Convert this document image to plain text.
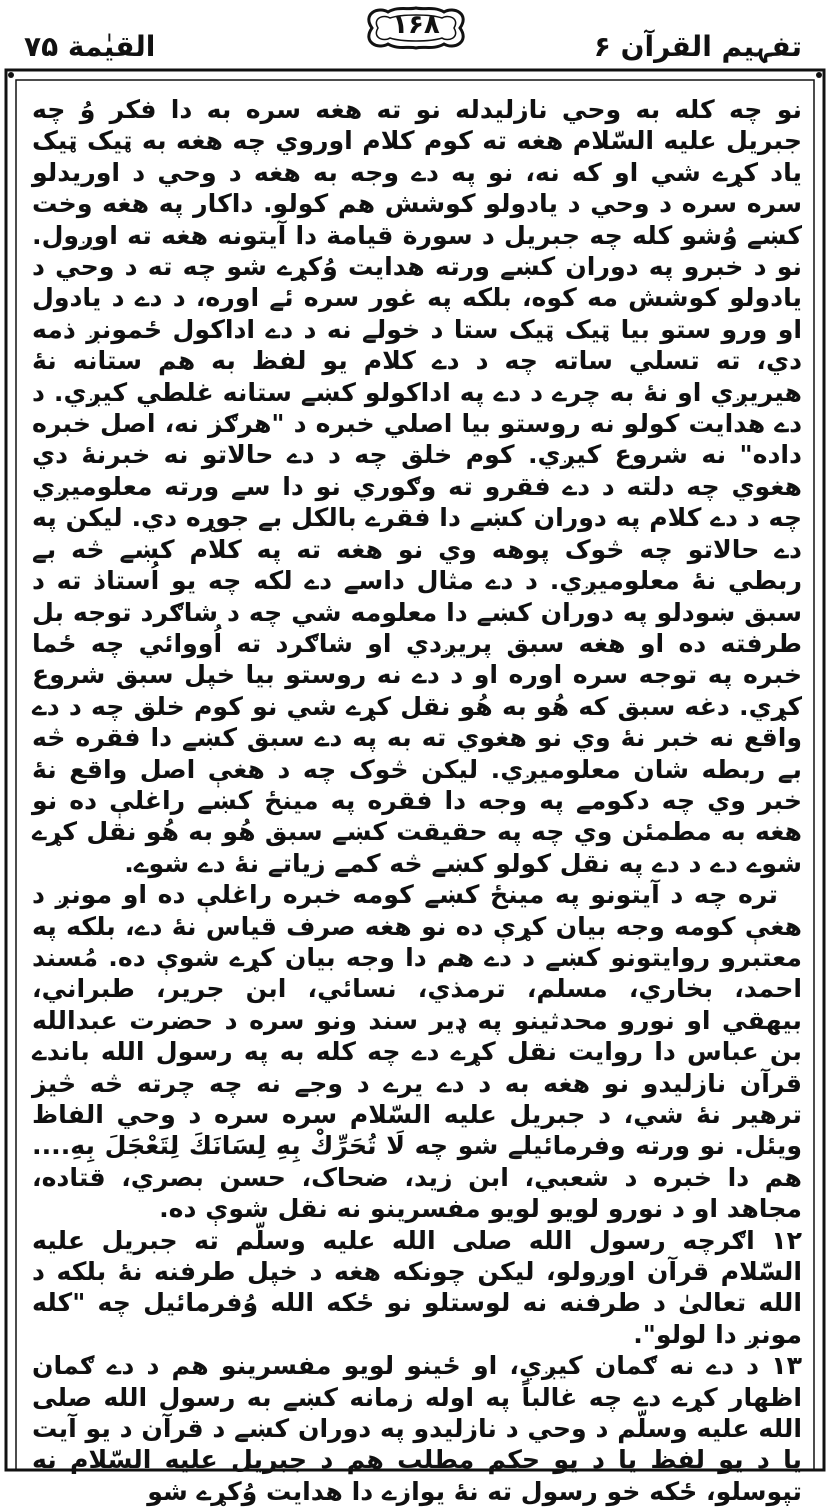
القیٰمة ۷۵
۱۶۸
تفہیم القرآن ۶

نو چه کله به وحي نازلیدله نو ته هغه سره به دا فکر وُ چه جبریل علیه السّلام هغه ته کوم کلام اوروي چه هغه به ټیک ټیک یاد کړے شي او که نه، نو په دے وجه به هغه د وحي د اوریدلو سره سره د وحي د یادولو کوشش هم کولو. داکار په هغه وخت کښے وُشو کله چه جبریل د سورة قیامة دا آیتونه هغه ته اوږول. نو د خبرو په دوران کښے ورته هدایت وُکړے شو چه ته د وحي د یادولو کوشش مه کوه، بلکه په غور سره ئے اوره، د دے د یادول او ورو ستو بیا ټیک ټیک ستا د خولے نه د دے اداکول ځمونږ ذمه دي، ته تسلي ساته چه د دے کلام یو لفظ به هم ستانه نۀ هیریږي او نۀ به چرے د دے په اداکولو کښے ستانه غلطي کیږي. د دے هدایت کولو نه روستو بیا اصلي خبره د "هرګز نه، اصل خبره داده" نه شروع کیږي. کوم خلق چه د دے حالاتو نه خبرنۀ دي هغوي چه دلته د دے فقرو ته وګوري نو دا سے ورته معلومیږي چه د دے کلام په دوران کښے دا فقرے بالکل بے جوړه دي. لیکن په دے حالاتو چه څوک پوهه وي نو هغه ته په کلام کښے څه بے ربطي نۀ معلومیږي. د دے مثال داسے دے لکه چه یو اُستاذ ته د سبق ښودلو په دوران کښے دا معلومه شي چه د شاګرد توجه بل طرفته ده او هغه سبق پریږدي او شاګرد ته اُووائي چه ځما خبره په توجه سره اوره او د دے نه روستو بیا خپل سبق شروع کړي. دغه سبق که هُو به هُو نقل کړے شي نو کوم خلق چه د دے واقع نه خبر نۀ وي نو هغوي ته به په دے سبق کښے دا فقره څه بے ربطه شان معلومیږي. لیکن څوک چه د هغې اصل واقع نۀ خبر وي چه دکومے په وجه دا فقره په مینځ کښے راغلې ده نو هغه به مطمئن وي چه په حقیقت کښے سبق هُو به هُو نقل کړے شوے دے د دے په نقل کولو کښے څه کمے زیاتے نۀ دے شوے.

تره چه د آیتونو په مینځ کښے کومه خبره راغلې ده او مونږ د هغې کومه وجه بیان کړې ده نو هغه صرف قیاس نۀ دے، بلکه په معتبرو روایتونو کښے د دے هم دا وجه بیان کړے شوې ده. مُسند احمد، بخاري، مسلم، ترمذي، نسائي، ابن جریر، طبراني، بیهقي او نورو محدثینو په ډیر سند ونو سره د حضرت عبدالله بن عباس دا روایت نقل کړے دے چه کله به په رسول الله باندے قرآن نازلیدو نو هغه به د دے یرے د وجے نه چه چرته څه څیز ترهیر نۀ شي، د جبریل علیه السّلام سره سره د وحي الفاظ ویئل. نو ورته وفرمائیلے شو چه لَا تُحَرِّكْ بِهِ لِسَانَكَ لِتَعْجَلَ بِهِ.... هم دا خبره د شعبي، ابن زید، ضحاک، حسن بصري، قتاده، مجاهد او د نورو لویو لویو مفسرینو نه نقل شوې ده.

۱۲ اګرچه رسول الله صلی الله علیه وسلّم ته جبریل علیه السّلام قرآن اوږولو، لیکن چونکه هغه د خپل طرفنه نۀ بلکه د الله تعالیٰ د طرفنه نه لوستلو نو ځکه الله وُفرمائیل چه "کله مونږ دا لولو".

۱۳ د دے نه ګمان کیږي، او ځینو لویو مفسرینو هم د دے ګمان اظهار کړے دے چه غالباً په اوله زمانه کښے به رسول الله صلی الله علیه وسلّم د وحي د نازلیدو په دوران کښے د قرآن د یو آیت یا د یو لفظ یا د یو حکم مطلب هم د جبریل علیه السّلام نه تپوسلو، ځکه خو رسول ته نۀ یوازے دا هدایت وُکړے شو
